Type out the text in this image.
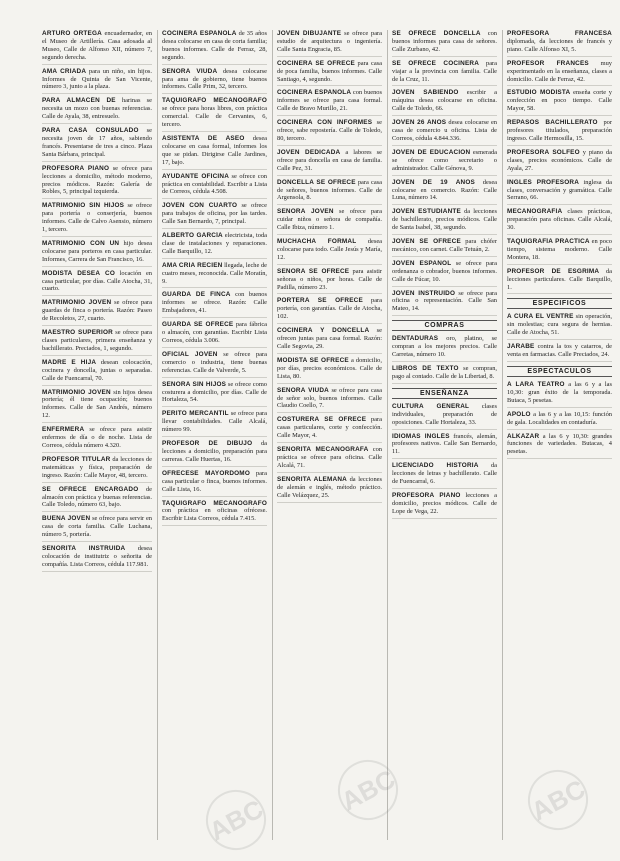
ARTURO ORTEGA encuadernador, en el Museo de Artillería. Casa adosada al Museo, Calle de Alfonso XII, número 7, segundo derecha.

AMA CRIADA para un niño, sin hijos. Informes de Quinta de San Vicente, número 3, junto a la plaza.

PARA ALMACÉN DE harinas se necesita un mozo con buenas referencias. Calle de Ayala, 38, entresuelo.

PARA CASA CONSULADO se necesita joven de 17 años, sabiendo francés. Presentarse de tres a cinco. Plaza Santa Bárbara, principal.

PROFESORA PIANO se ofrece para lecciones a domicilio, método moderno, precios módicos. Razón: Galería de Robles, 5, principal izquierda.

MATRIMONIO SIN HIJOS se ofrece para portería o conserjería, buenos informes. Calle de Calvo Asensio, número 1, tercero.

MATRIMONIO CON UN hijo desea colocarse para porteros en casa particular. Informes, Carrera de San Francisco, 16.

MODISTA DESEA CO locación en casa particular, por días. Calle Atocha, 31, cuarto.

MATRIMONIO JOVEN se ofrece para guardas de finca o portería. Razón: Paseo de Recoletos, 27, cuarto.

MAESTRO SUPERIOR se ofrece para clases particulares, primera enseñanza y bachillerato. Preciados, 1, segundo.

MADRE E HIJA desean colocación, cocinera y doncella, juntas o separadas. Calle de Fuencarral, 70.

MATRIMONIO JOVEN sin hijos desea portería; él tiene ocupación; buenos informes. Calle de San Andrés, número 12.

ENFERMERA se ofrece para asistir enfermos de día o de noche. Lista de Correos, cédula número 4.320.

PROFESOR TITULAR da lecciones de matemáticas y física, preparación de ingreso. Razón: Calle Mayor, 48, tercero.

SE OFRECE ENCARGADO de almacén con práctica y buenas referencias. Calle Toledo, número 63, bajo.

BUENA JOVEN se ofrece para servir en casa de corta familia. Calle Luchana, número 5, portería.

SEÑORITA INSTRUIDA desea colocación de institutriz o señorita de compañía. Lista Correos, cédula 117.981.

COCINERA ESPAÑOLA de 35 años desea colocarse en casa de corta familia; buenos informes. Calle de Ferraz, 28, segundo.

SEÑORA VIUDA desea colocarse para ama de gobierno, tiene buenos informes. Calle Prim, 32, tercero.

TAQUIGRAFO MECANÓGRAFO se ofrece para horas libres, con práctica comercial. Calle de Cervantes, 6, tercero.

ASISTENTA DE ASEO desea colocarse en casa formal, informes los que se pidan. Dirigirse Calle Jardines, 17, bajo.

AYUDANTE OFICINA se ofrece con práctica en contabilidad. Escribir a Lista de Correos, cédula 4.508.

JOVEN CON CUARTO se ofrece para trabajos de oficina, por las tardes. Calle San Bernardo, 7, principal.

ALBERTO GARCÍA electricista, toda clase de instalaciones y reparaciones. Calle Barquillo, 12.

AMA CRIA RECIEN llegada, leche de cuatro meses, reconocida. Calle Moratín, 9.

GUARDA DE FINCA con buenos informes se ofrece. Razón: Calle Embajadores, 41.

GUARDA SE OFRECE para fábrica o almacén, con garantías. Escribir Lista Correos, cédula 3.006.

OFICIAL JOVEN se ofrece para comercio o industria, tiene buenas referencias. Calle de Valverde, 5.

SEÑORA SIN HIJOS se ofrece como costurera a domicilio, por días. Calle de Hortaleza, 54.

PERITO MERCANTIL se ofrece para llevar contabilidades. Calle Alcalá, número 99.

PROFESOR DE DIBUJO da lecciones a domicilio, preparación para carreras. Calle Huertas, 16.

OFRECESE MAYORDOMO para casa particular o finca, buenos informes. Calle Lista, 16.

TAQUIGRAFO MECANOGRAFO con práctica en oficinas ofrécese. Escribir Lista Correos, cédula 7.415.

JOVEN DIBUJANTE se ofrece para estudio de arquitectura o ingeniería. Calle Santa Engracia, 85.

COCINERA SE OFRECE para casa de poca familia, buenos informes. Calle Santiago, 4, segundo.

COCINERA ESPAÑOLA con buenos informes se ofrece para casa formal. Calle de Bravo Murillo, 21.

COCINERA CON INFORMES se ofrece, sabe repostería. Calle de Toledo, 80, tercero.

JOVEN DEDICADA a labores se ofrece para doncella en casa de familia. Calle Pez, 31.

DONCELLA SE OFRECE para casa de señores, buenos informes. Calle de Argensola, 8.

SEÑORA JOVEN se ofrece para cuidar niños o señora de compañía. Calle Ibiza, número 1.

MUCHACHA FORMAL desea colocarse para todo. Calle Jesús y María, 12.

SEÑORA SE OFRECE para asistir señoras o niños, por horas. Calle de Padilla, número 23.

PORTERA SE OFRECE para portería, con garantías. Calle de Atocha, 102.

COCINERA Y DONCELLA se ofrecen juntas para casa formal. Razón: Calle Segovia, 29.

MODISTA SE OFRECE a domicilio, por días, precios económicos. Calle de Lista, 80.

SEÑORA VIUDA se ofrece para casa de señor solo, buenos informes. Calle Claudio Coello, 7.

COSTURERA SE OFRECE para casas particulares, corte y confección. Calle Mayor, 4.

SEÑORITA MECANÓGRAFA con práctica se ofrece para oficina. Calle Alcalá, 71.

SEÑORITA ALEMANA da lecciones de alemán e inglés, método práctico. Calle Velázquez, 25.

SE OFRECE DONCELLA con buenos informes para casa de señores. Calle Zurbano, 42.

SE OFRECE COCINERA para viajar a la provincia con familia. Calle de la Cruz, 11.

JOVEN SABIENDO escribir a máquina desea colocarse en oficina. Calle de Toledo, 66.

JOVEN 26 AÑOS desea colocarse en casa de comercio u oficina. Lista de Correos, cédula 4.844.336.

JOVEN DE EDUCACIÓN esmerada se ofrece como secretario o administrador. Calle Génova, 9.

JOVEN DE 19 AÑOS desea colocarse en comercio. Razón: Calle Luna, número 14.

JOVEN ESTUDIANTE da lecciones de bachillerato, precios módicos. Calle de Santa Isabel, 38, segundo.

JOVEN SE OFRECE para chófer mecánico, con carnet. Calle Tetuán, 2.

JOVEN ESPAÑOL se ofrece para ordenanza o cobrador, buenos informes. Calle de Fúcar, 10.

JOVEN INSTRUIDO se ofrece para oficina o representación. Calle San Mateo, 14.

COMPRAS

DENTADURAS oro, platino, se compran a los mejores precios. Calle Carretas, número 10.

LIBROS DE TEXTO se compran, pago al contado. Calle de la Libertad, 8.

ENSEÑANZA

CULTURA GENERAL clases individuales, preparación de oposiciones. Calle Hortaleza, 33.

IDIOMAS INGLÉS francés, alemán, profesores nativos. Calle San Bernardo, 11.

LICENCIADO HISTORIA da lecciones de letras y bachillerato. Calle de Fuencarral, 6.

PROFESORA PIANO lecciones a domicilio, precios módicos. Calle de Lope de Vega, 22.

PROFESORA FRANCESA diplomada, da lecciones de francés y piano. Calle Alfonso XI, 5.

PROFESOR FRANCÉS muy experimentado en la enseñanza, clases a domicilio. Calle de Ferraz, 42.

ESTUDIO MODISTA enseña corte y confección en poco tiempo. Calle Mayor, 58.

REPASOS BACHILLERATO por profesores titulados, preparación ingreso. Calle Hermosilla, 15.

PROFESORA SOLFEO y piano da clases, precios económicos. Calle de Ayala, 27.

INGLES PROFESORA inglesa da clases, conversación y gramática. Calle Serrano, 66.

MECANOGRAFIA clases prácticas, preparación para oficinas. Calle Alcalá, 30.

TAQUIGRAFÍA PRÁCTICA en poco tiempo, sistema moderno. Calle Montera, 18.

PROFESOR DE ESGRIMA da lecciones particulares. Calle Barquillo, 1.

ESPECIFICOS

A CURA EL VENTRE sin operación, sin molestias; cura segura de hernias. Calle de Atocha, 51.

JARABE contra la tos y catarros, de venta en farmacias. Calle Preciados, 24.

ESPECTACULOS

A LARA TEATRO a las 6 y a las 10,30: gran éxito de la temporada. Butaca, 5 pesetas.

APOLO a las 6 y a las 10,15: función de gala. Localidades en contaduría.

ALKAZAR a las 6 y 10,30: grandes funciones de variedades. Butacas, 4 pesetas.

ABC	ABC
ABC
